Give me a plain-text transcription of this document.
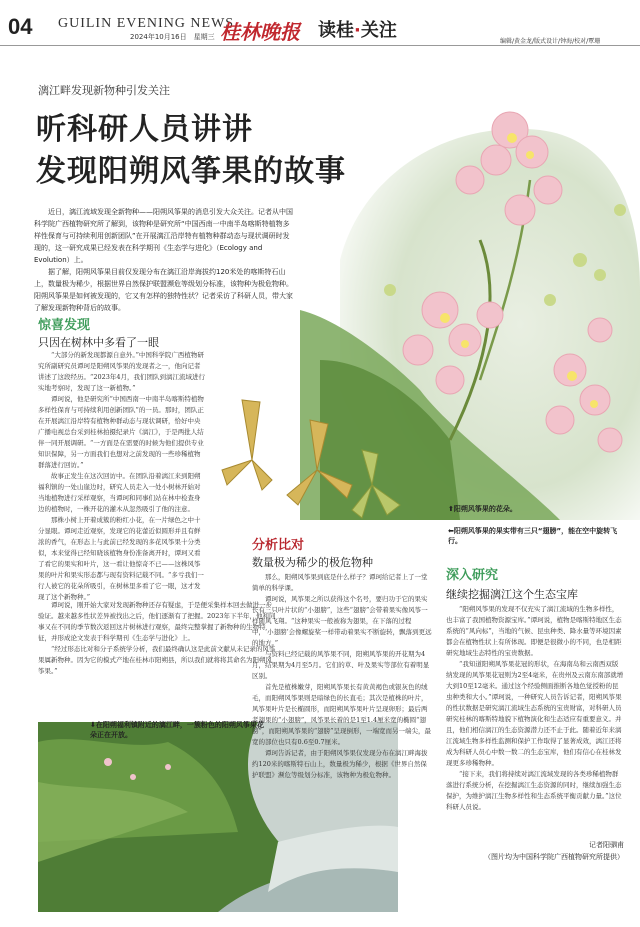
04 GUILIN EVENING NEWS
2024年10月16日　星期三 桂林晚报 读桂·关注
编辑/黄金龙/版式设计/钟海/校对/覃珊
漓江畔发现新物种引发关注
听科研人员讲讲
发现阳朔风筝果的故事

近日，漓江流域发现全新物种——阳朔风筝果的消息引发大众关注。记者从中国科学院广西植物研究所了解到，该物种是研究所“中国西南一中南半岛喀斯特植物多样性保育与可持续利用创新团队”在开展漓江沿岸特有植物种群动态与现状调研时发现的，这一研究成果已经发表在科学期刊《生态学与进化》（Ecology and Evolution）上。

据了解，阳朔风筝果目前仅发现分布在漓江沿岸海拔约120米处的喀斯特石山上，数量极为稀少，根据世界自然保护联盟濒危等级划分标准，该物种为极危物种。阳朔风筝果是如何被发现的，它又有怎样的独特性状？记者采访了科研人员，带大家了解发现新物种背后的故事。

惊喜发现
只因在树林中多看了一眼

“大部分的新发现都源自意外。”中国科学院广西植物研究所副研究员谭珂是阳朔风筝果的发现者之一，他向记者讲述了这段经历。“2023年4月，我们团队到漓江流域进行实地考察时，发现了这一新植物。”

谭珂说，他是研究所“中国西南一中南半岛喀斯特植物多样性保育与可持续利用创新团队”的一员。那时，团队正在开展漓江沿岸特有植物种群动态与现状调研，恰好中央广播电视总台采到桂林拍摄纪录片《漓江》，于是两批人结伴一同开展调研。“一方面是在需要的时候为他们提供专业知识保障，另一方面我们也想对之前发现的一些珍稀植物群落进行回访。”

故事正发生在这次回访中。在团队沿着漓江来到阳朔福利镇的一处山崖边时，研究人员走入一处小树林开始对当地植物进行采样观察，当谭珂和同事们站在林中检查身边的植物时，一株开花的灌木从忽然吸引了他的注意。

那株小树上开着成簇的粉红小花，在一片绿色之中十分显眼。谭珂走近观察，发现它的花蕾近似圆形并且有鲜浓的香气，在形态上与此前已经发现的多花风筝果十分类似，本来觉得已经知晓该植物身份准备离开时，谭珂又看了看它的果实和叶片，这一看让他惊奇不已——这株风筝果的叶片和果实形态都与现有资料记载不同。“多亏我们一行人被它的花朵所吸引，在树林里多看了它一眼，这才发现了这个新物种。”

谭珂说，刚开始大家对发现新物种还存有疑虑，于是便采集样本回去做进一步验证。越来越多性状差异被找出之后，他们逐渐有了把握。2023年下半年，他和同事又在不同的季节数次返回这片树林进行观察，最终完整掌握了新物种的生物特征，并形成论文发表于科学期刊《生态学与进化》上。

“经过形态比对和分子系统学分析，我们最终确认这是此前文献从未记录的风筝果属新物种。因为它的模式产地在桂林市阳朔县，所以我们就将将其命名为阳朔风筝果。”

⬆阳朔风筝果的花朵。
⬅阳朔风筝果的果实带有三只“翅膀”，能在空中旋转飞行。
⬇在阳朔福利镇附近的漓江畔，一簇粉色的阳朔风筝果花朵正在开放。
分析比对
数量极为稀少的极危物种

那么，阳朔风筝果到底是什么样子？谭珂给记者上了一堂简单的科学课。

谭珂说，风筝果之所以获得这个名号，要归功于它的果实长有三只叶片状的“小翅膀”，这些“翅膀”会带着果实像风筝一样随风飞翔。“这种果实一般被称为翅果，在下落的过程中，‘小翅膀’会像螺旋桨一样带动着果实不断旋转，飘落到更远的地方。”

与资料已经记载的风筝果不同，阳朔风筝果的开花期为4月，结果期为4月至5月。它们的草、叶及果实等部位有着明显区别。

首先是植株嫩芽，阳朔风筝果长有黄黄褐色或银灰色的绒毛，而阳朔风筝果则是暗绿色的长直毛；其次是植株的叶片，风筝果叶片是长椭圆形，而阳朔风筝果叶片呈现卵形；最后两者翅果的“小翅膀”，风筝果长着的是1至1.4厘米宽的椭圆“翅膀”，而阳朔风筝果的“翅膀”呈现倒形，一端宽而另一端尖，最宽的部位也只有0.6至0.7厘米。

谭珂告诉记者，由于阳朔风筝果仅发现分布在漓江畔海拔约120米的喀斯特石山上，数量极为稀少，根据《世界自然保护联盟》濒危等级划分标准，该物种为极危物种。

深入研究
继续挖掘漓江这个生态宝库

“阳朔风筝果的发现不仅充实了漓江流域的生物多样性，也丰富了我国植物资源宝库。”谭珂说，植物是喀斯特地区生态系统的“风向标”，当地的气候、昆虫种类、降水量等环境因素都会在植物性状上有所体现。即便是很微小的不同，也是相距研究地域生态特性的宝贵数据。

“我知道阳朔风筝果花冠的形状，在海南岛和云南西双版纳发现的风筝果花冠则为2至4毫米，在贵州及云南东南部就增大到10至12毫米。通过这个经验侧面推断各地色觉授粉的昆虫种类和大小。”谭珂说，一种研究人员告诉记者，阳朔风筝果的性状数据是研究漓江流域生态系统的宝贵财富，对科研人员研究桂林的喀斯特地貌下植物演化和生态适应有重要意义。并且，他们相信漓江的生态资源潜力还不止于此。随着近年来漓江流域生物多样性监测和保护工作取得了显著成效，漓江还将成为科研人员心中数一数二的生态宝库，他们有信心在桂林发现更多珍稀物种。

“接下来，我们将持续对漓江流域发现的各类珍稀植物群落进行系统分析，在挖掘漓江生态资源的同时，继续加强生态保护，为维护漓江生物多样性和生态系统平衡贡献力量。”这位科研人员说。

记者阳驷甫
（图片均为中国科学院广西植物研究所提供）
